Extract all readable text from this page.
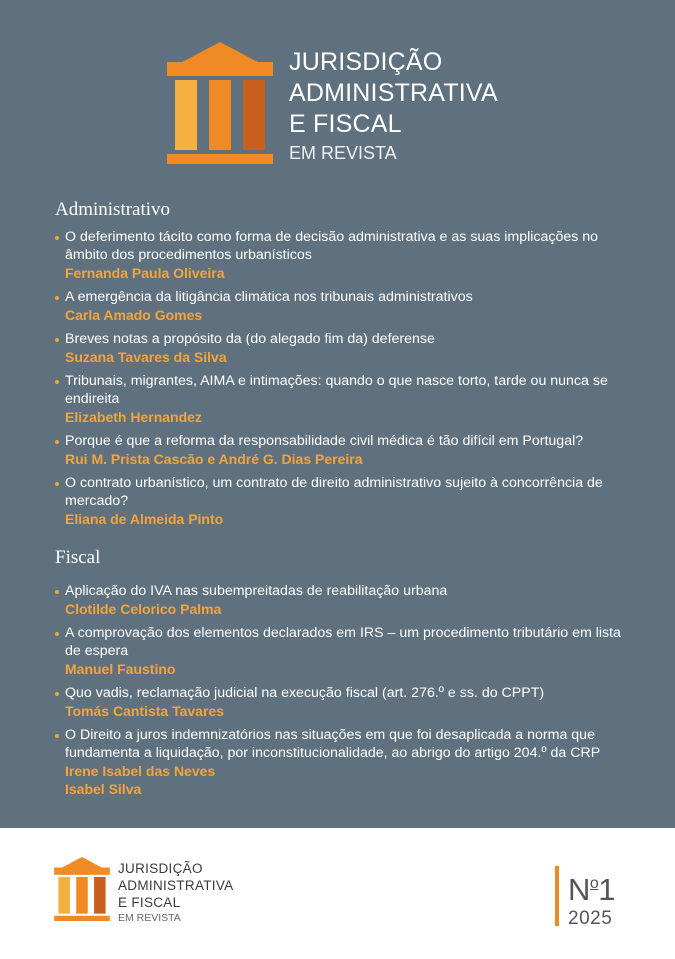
JURISDIÇÃO
ADMINISTRATIVA
E FISCAL
EM REVISTA
Administrativo
O deferimento tácito como forma de decisão administrativa e as suas implicações no âmbito dos procedimentos urbanísticos
Fernanda Paula Oliveira
A emergência da litigância climática nos tribunais administrativos
Carla Amado Gomes
Breves notas a propósito da (do alegado fim da) deferense
Suzana Tavares da Silva
Tribunais, migrantes, AIMA e intimações: quando o que nasce torto, tarde ou nunca se endireita
Elizabeth Hernandez
Porque é que a reforma da responsabilidade civil médica é tão difícil em Portugal?
Rui M. Prista Cascão e André G. Dias Pereira
O contrato urbanístico, um contrato de direito administrativo sujeito à concorrência de mercado?
Eliana de Almeida Pinto
Fiscal
Aplicação do IVA nas subempreitadas de reabilitação urbana
Clotilde Celorico Palma
A comprovação dos elementos declarados em IRS – um procedimento tributário em lista de espera
Manuel Faustino
Quo vadis, reclamação judicial na execução fiscal (art. 276.º e ss. do CPPT)
Tomás Cantista Tavares
O Direito a juros indemnizatórios nas situações em que foi desaplicada a norma que fundamenta a liquidação, por inconstitucionalidade, ao abrigo do artigo 204.º da CRP
Irene Isabel das Neves
Isabel Silva
JURISDIÇÃO
ADMINISTRATIVA
E FISCAL
EM REVISTA
$N^o1$
2025
